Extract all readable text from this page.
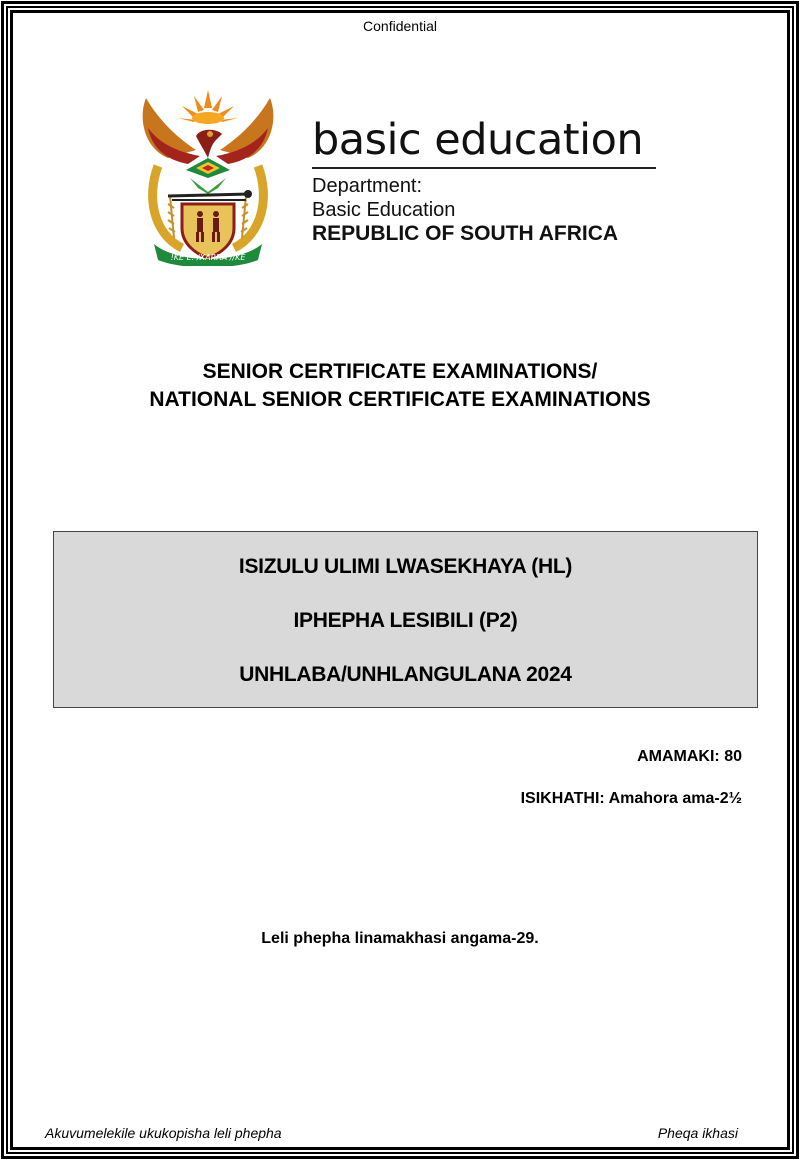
Confidential
!KE E: /XARRA //KE
basic education
Department:
Basic Education
REPUBLIC OF SOUTH AFRICA
SENIOR CERTIFICATE EXAMINATIONS/
NATIONAL SENIOR CERTIFICATE EXAMINATIONS
ISIZULU ULIMI LWASEKHAYA (HL)
IPHEPHA LESIBILI (P2)
UNHLABA/UNHLANGULANA 2024
AMAMAKI: 80
ISIKHATHI: Amahora ama-2½
Leli phepha linamakhasi angama-29.
Akuvumelekile ukukopisha leli phepha	Pheqa ikhasi
